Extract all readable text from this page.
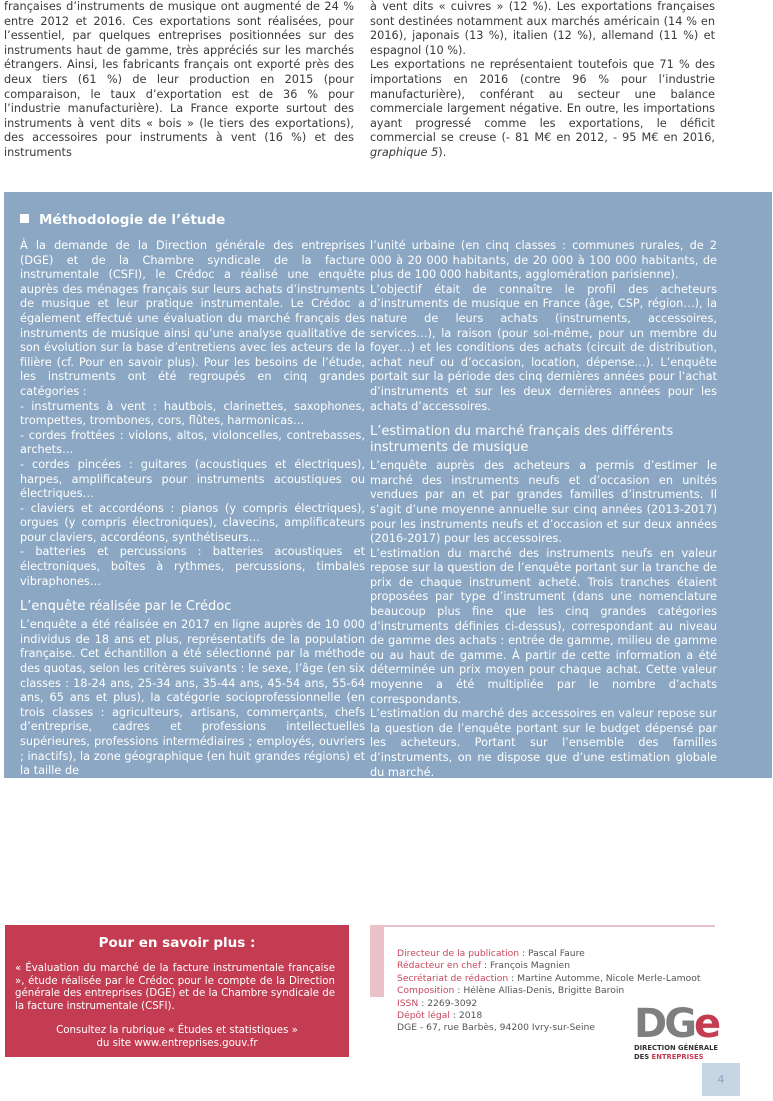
françaises d’instruments de musique ont augmenté de 24 % entre 2012 et 2016. Ces exportations sont réalisées, pour l’essentiel, par quelques entreprises positionnées sur des instruments haut de gamme, très appréciés sur les marchés étrangers. Ainsi, les fabricants français ont exporté près des deux tiers (61 %) de leur production en 2015 (pour comparaison, le taux d’exportation est de 36 % pour l’industrie manufacturière). La France exporte surtout des instruments à vent dits « bois » (le tiers des exportations), des accessoires pour instruments à vent (16 %) et des instruments

à vent dits « cuivres » (12 %). Les exportations françaises sont destinées notamment aux marchés américain (14 % en 2016), japonais (13 %), italien (12 %), allemand (11 %) et espagnol (10 %).

Les exportations ne représentaient toutefois que 71 % des importations en 2016 (contre 96 % pour l’industrie manufacturière), conférant au secteur une balance commerciale largement négative. En outre, les importations ayant progressé comme les exportations, le déficit commercial se creuse (- 81 M€ en 2012, - 95 M€ en 2016, graphique 5).

Méthodologie de l’étude

À la demande de la Direction générale des entreprises (DGE) et de la Chambre syndicale de la facture instrumentale (CSFI), le Crédoc a réalisé une enquête auprès des ménages français sur leurs achats d’instruments de musique et leur pratique instrumentale. Le Crédoc a également effectué une évaluation du marché français des instruments de musique ainsi qu’une analyse qualitative de son évolution sur la base d’entretiens avec les acteurs de la filière (cf. Pour en savoir plus). Pour les besoins de l’étude, les instruments ont été regroupés en cinq grandes catégories :

- instruments à vent : hautbois, clarinettes, saxophones, trompettes, trombones, cors, flûtes, harmonicas…

- cordes frottées : violons, altos, violoncelles, contrebasses, archets…

- cordes pincées : guitares (acoustiques et électriques), harpes, amplificateurs pour instruments acoustiques ou électriques…

- claviers et accordéons : pianos (y compris électriques), orgues (y compris électroniques), clavecins, amplificateurs pour claviers, accordéons, synthétiseurs…

- batteries et percussions : batteries acoustiques et électroniques, boîtes à rythmes, percussions, timbales vibraphones…

L’enquête réalisée par le Crédoc

L’enquête a été réalisée en 2017 en ligne auprès de 10 000 individus de 18 ans et plus, représentatifs de la population française. Cet échantillon a été sélectionné par la méthode des quotas, selon les critères suivants : le sexe, l’âge (en six classes : 18-24 ans, 25-34 ans, 35-44 ans, 45-54 ans, 55-64 ans, 65 ans et plus), la catégorie socioprofessionnelle (en trois classes : agriculteurs, artisans, commerçants, chefs d’entreprise, cadres et professions intellectuelles supérieures, professions intermédiaires ; employés, ouvriers ; inactifs), la zone géographique (en huit grandes régions) et la taille de

l’unité urbaine (en cinq classes : communes rurales, de 2 000 à 20 000 habitants, de 20 000 à 100 000 habitants, de plus de 100 000 habitants, agglomération parisienne).

L’objectif était de connaître le profil des acheteurs d’instruments de musique en France (âge, CSP, région…), la nature de leurs achats (instruments, accessoires, services…), la raison (pour soi-même, pour un membre du foyer…) et les conditions des achats (circuit de distribution, achat neuf ou d’occasion, location, dépense…). L’enquête portait sur la période des cinq dernières années pour l’achat d’instruments et sur les deux dernières années pour les achats d’accessoires.

L’estimation du marché français des différents instruments de musique

L’enquête auprès des acheteurs a permis d’estimer le marché des instruments neufs et d’occasion en unités vendues par an et par grandes familles d’instruments. Il s’agit d’une moyenne annuelle sur cinq années (2013-2017) pour les instruments neufs et d’occasion et sur deux années (2016-2017) pour les accessoires.

L’estimation du marché des instruments neufs en valeur repose sur la question de l’enquête portant sur la tranche de prix de chaque instrument acheté. Trois tranches étaient proposées par type d’instrument (dans une nomenclature beaucoup plus fine que les cinq grandes catégories d’instruments définies ci-dessus), correspondant au niveau de gamme des achats : entrée de gamme, milieu de gamme ou au haut de gamme. À partir de cette information a été déterminée un prix moyen pour chaque achat. Cette valeur moyenne a été multipliée par le nombre d’achats correspondants.

L’estimation du marché des accessoires en valeur repose sur la question de l’enquête portant sur le budget dépensé par les acheteurs. Portant sur l’ensemble des familles d’instruments, on ne dispose que d’une estimation globale du marché.

Pour en savoir plus :

« Évaluation du marché de la facture instrumentale française », étude réalisée par le Crédoc pour le compte de la Direction générale des entreprises (DGE) et de la Chambre syndicale de la facture instrumentale (CSFI).

Consultez la rubrique « Études et statistiques »
du site www.entreprises.gouv.fr

Directeur de la publication : Pascal Faure
Rédacteur en chef : François Magnien
Secrétariat de rédaction : Martine Automme, Nicole Merle-Lamoot
Composition : Hélène Allias-Denis, Brigitte Baroin
ISSN : 2269-3092
Dépôt légal : 2018
DGE - 67, rue Barbès, 94200 Ivry-sur-Seine DGe
DIRECTION GÉNÉRALE
DES ENTREPRISES
4
